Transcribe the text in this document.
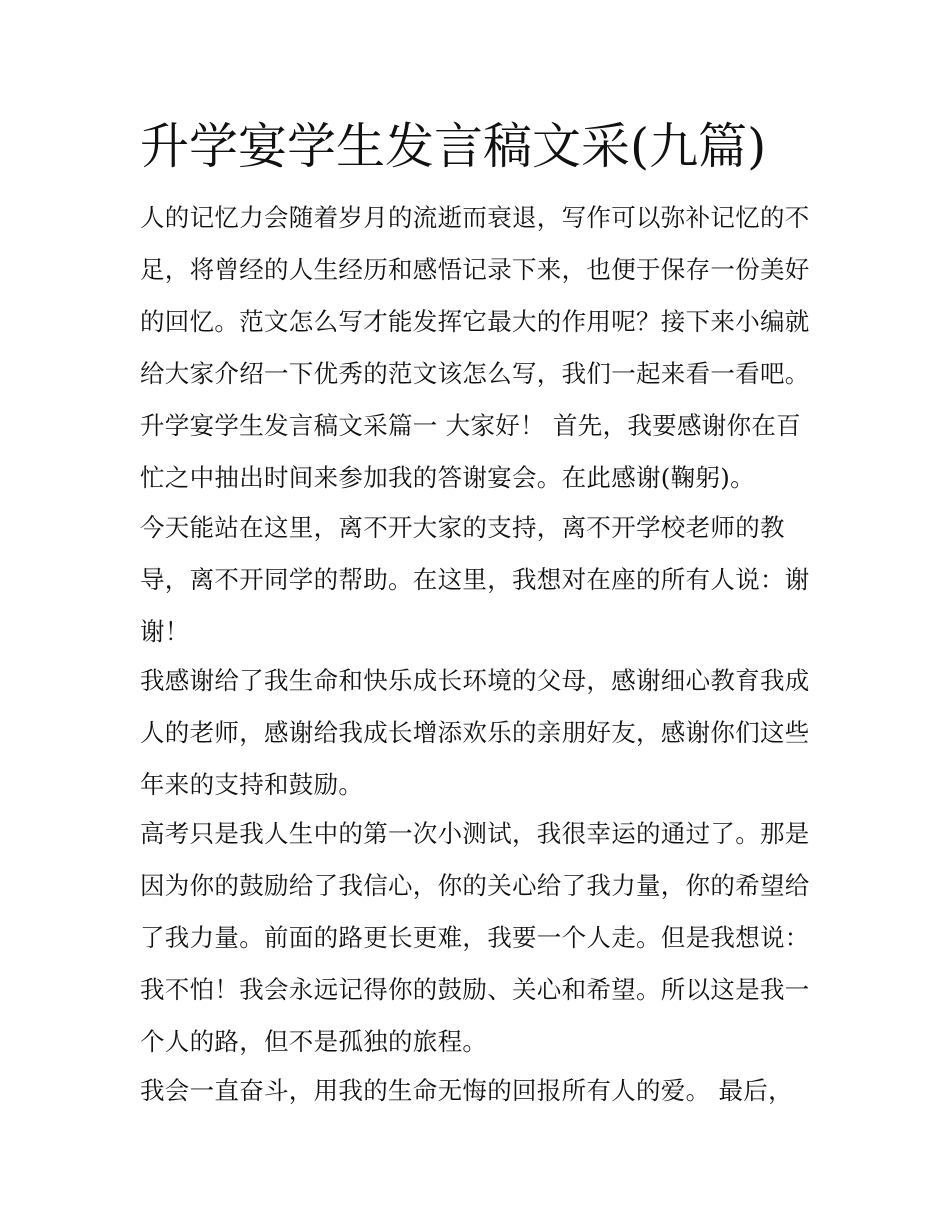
升学宴学生发言稿文采(九篇)
人的记忆力会随着岁月的流逝而衰退，写作可以弥补记忆的不
足，将曾经的人生经历和感悟记录下来，也便于保存一份美好
的回忆。范文怎么写才能发挥它最大的作用呢？接下来小编就
给大家介绍一下优秀的范文该怎么写，我们一起来看一看吧。
升学宴学生发言稿文采篇一 大家好！ 首先，我要感谢你在百
忙之中抽出时间来参加我的答谢宴会。在此感谢(鞠躬)。
今天能站在这里，离不开大家的支持，离不开学校老师的教
导，离不开同学的帮助。在这里，我想对在座的所有人说：谢
谢！
我感谢给了我生命和快乐成长环境的父母，感谢细心教育我成
人的老师，感谢给我成长增添欢乐的亲朋好友，感谢你们这些
年来的支持和鼓励。
高考只是我人生中的第一次小测试，我很幸运的通过了。那是
因为你的鼓励给了我信心，你的关心给了我力量，你的希望给
了我力量。前面的路更长更难，我要一个人走。但是我想说：
我不怕！我会永远记得你的鼓励、关心和希望。所以这是我一
个人的路，但不是孤独的旅程。
我会一直奋斗，用我的生命无悔的回报所有人的爱。 最后，
